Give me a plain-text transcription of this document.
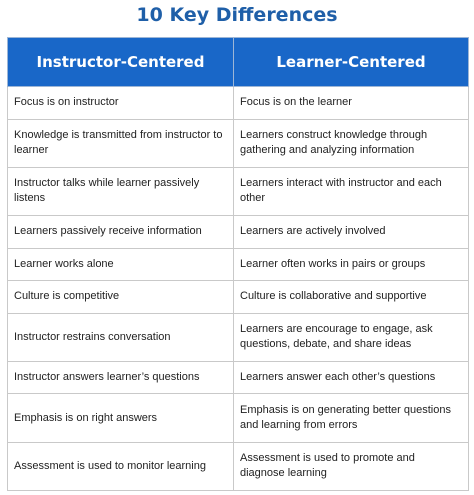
10 Key Differences
Instructor-Centered	Learner-Centered
Focus is on instructor	Focus is on the learner
Knowledge is transmitted from instructor to learner	Learners construct knowledge through gathering and analyzing information
Instructor talks while learner passively listens	Learners interact with instructor and each other
Learners passively receive information	Learners are actively involved
Learner works alone	Learner often works in pairs or groups
Culture is competitive	Culture is collaborative and supportive
Instructor restrains conversation	Learners are encourage to engage, ask questions, debate, and share ideas
Instructor answers learner’s questions	Learners answer each other’s questions
Emphasis is on right answers	Emphasis is on generating better questions and learning from errors
Assessment is used to monitor learning	Assessment is used to promote and diagnose learning
